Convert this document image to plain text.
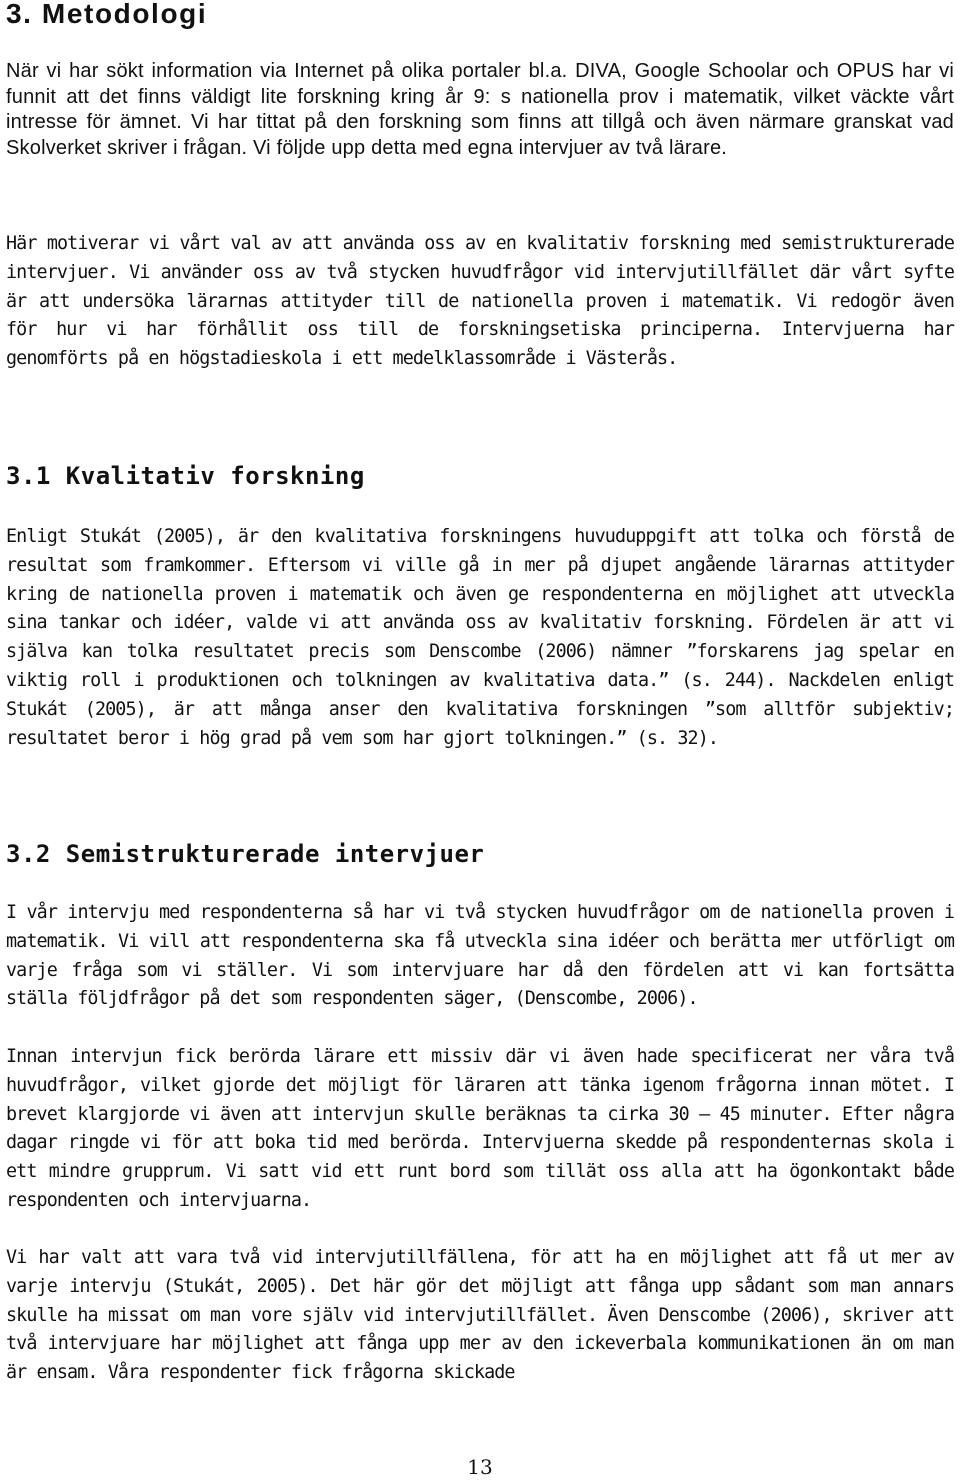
3. Metodologi

När vi har sökt information via Internet på olika portaler bl.a. DIVA, Google Schoolar och OPUS har vi funnit att det finns väldigt lite forskning kring år 9: s nationella prov i matematik, vilket väckte vårt intresse för ämnet. Vi har tittat på den forskning som finns att tillgå och även närmare granskat vad Skolverket skriver i frågan. Vi följde upp detta med egna intervjuer av två lärare.

Här motiverar vi vårt val av att använda oss av en kvalitativ forskning med semistrukturerade intervjuer. Vi använder oss av två stycken huvudfrågor vid intervjutillfället där vårt syfte är att undersöka lärarnas attityder till de nationella proven i matematik. Vi redogör även för hur vi har förhållit oss till de forskningsetiska principerna. Intervjuerna har genomförts på en högstadieskola i ett medelklassområde i Västerås.

3.1 Kvalitativ forskning

Enligt Stukát (2005), är den kvalitativa forskningens huvuduppgift att tolka och förstå de resultat som framkommer. Eftersom vi ville gå in mer på djupet angående lärarnas attityder kring de nationella proven i matematik och även ge respondenterna en möjlighet att utveckla sina tankar och idéer, valde vi att använda oss av kvalitativ forskning. Fördelen är att vi själva kan tolka resultatet precis som Denscombe (2006) nämner ”forskarens jag spelar en viktig roll i produktionen och tolkningen av kvalitativa data.” (s. 244). Nackdelen enligt Stukát (2005), är att många anser den kvalitativa forskningen ”som alltför subjektiv; resultatet beror i hög grad på vem som har gjort tolkningen.” (s. 32).

3.2 Semistrukturerade intervjuer

I vår intervju med respondenterna så har vi två stycken huvudfrågor om de nationella proven i matematik. Vi vill att respondenterna ska få utveckla sina idéer och berätta mer utförligt om varje fråga som vi ställer. Vi som intervjuare har då den fördelen att vi kan fortsätta ställa följdfrågor på det som respondenten säger, (Denscombe, 2006).

Innan intervjun fick berörda lärare ett missiv där vi även hade specificerat ner våra två huvudfrågor, vilket gjorde det möjligt för läraren att tänka igenom frågorna innan mötet. I brevet klargjorde vi även att intervjun skulle beräknas ta cirka 30 – 45 minuter. Efter några dagar ringde vi för att boka tid med berörda. Intervjuerna skedde på respondenternas skola i ett mindre grupprum. Vi satt vid ett runt bord som tillät oss alla att ha ögonkontakt både respondenten och intervjuarna.

Vi har valt att vara två vid intervjutillfällena, för att ha en möjlighet att få ut mer av varje intervju (Stukát, 2005). Det här gör det möjligt att fånga upp sådant som man annars skulle ha missat om man vore själv vid intervjutillfället. Även Denscombe (2006), skriver att två intervjuare har möjlighet att fånga upp mer av den ickeverbala kommunikationen än om man är ensam. Våra respondenter fick frågorna skickade

13
